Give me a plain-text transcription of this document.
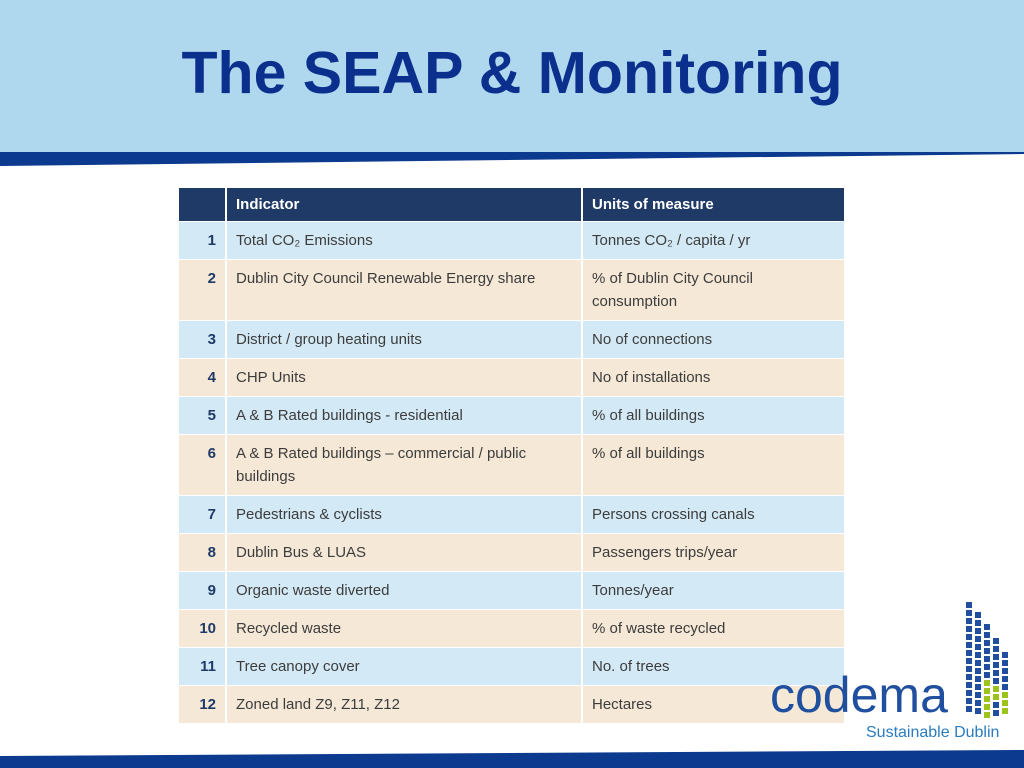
The SEAP & Monitoring
	Indicator	Units of measure
1	Total CO₂ Emissions	Tonnes CO₂ / capita / yr
2	Dublin City Council Renewable Energy share	% of Dublin City Council consumption
3	District / group heating units	No of connections
4	CHP Units	No of installations
5	A & B Rated buildings - residential	% of all buildings
6	A & B Rated buildings – commercial / public buildings	% of all buildings
7	Pedestrians & cyclists	Persons crossing canals
8	Dublin Bus & LUAS	Passengers trips/year
9	Organic waste diverted	Tonnes/year
10	Recycled waste	% of waste recycled
11	Tree canopy cover	No. of trees
12	Zoned land Z9, Z11, Z12	Hectares codema
Sustainable Dublin
